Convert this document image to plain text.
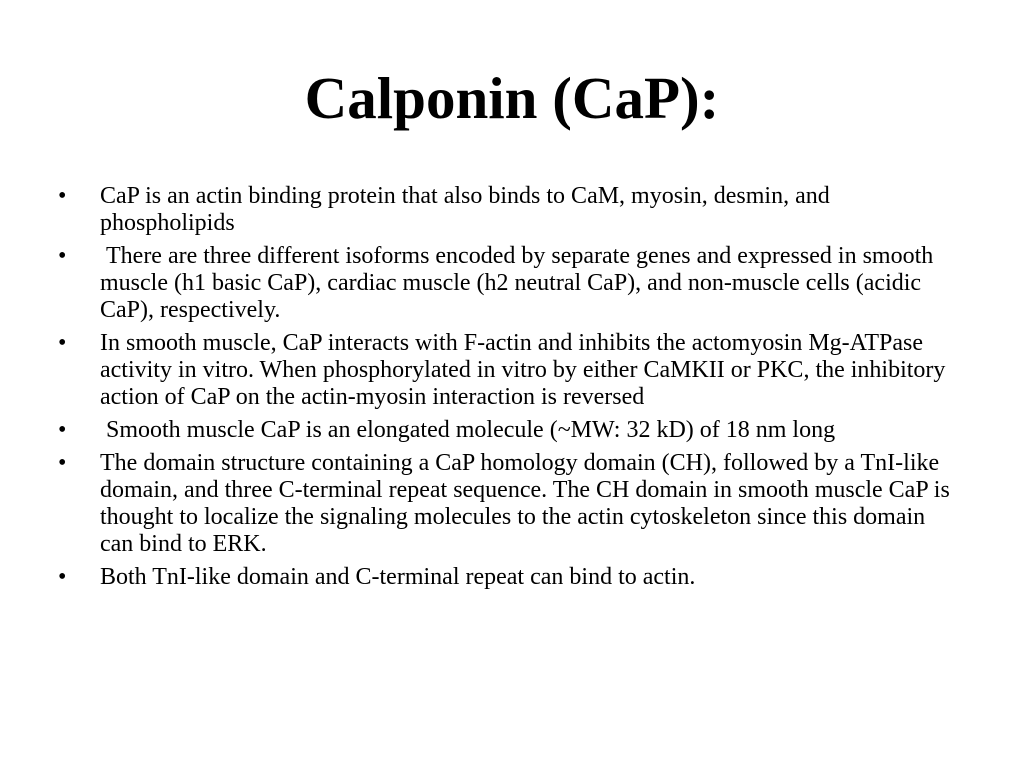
Calponin (CaP):
•	CaP is an actin binding protein that also binds to CaM, myosin, desmin, and phospholipids
•	There are three different isoforms encoded by separate genes and expressed in smooth muscle (h1 basic CaP), cardiac muscle (h2 neutral CaP), and non-muscle cells (acidic CaP), respectively.
•	In smooth muscle, CaP interacts with F-actin and inhibits the actomyosin Mg-ATPase activity in vitro. When phosphorylated in vitro by either CaMKII or PKC, the inhibitory action of CaP on the actin-myosin interaction is reversed
•	Smooth muscle CaP is an elongated molecule (~MW: 32 kD) of 18 nm long
•	The domain structure containing a CaP homology domain (CH), followed by a TnI-like domain, and three C-terminal repeat sequence. The CH domain in smooth muscle CaP is thought to localize the signaling molecules to the actin cytoskeleton since this domain can bind to ERK.
•	Both TnI-like domain and C-terminal repeat can bind to actin.
